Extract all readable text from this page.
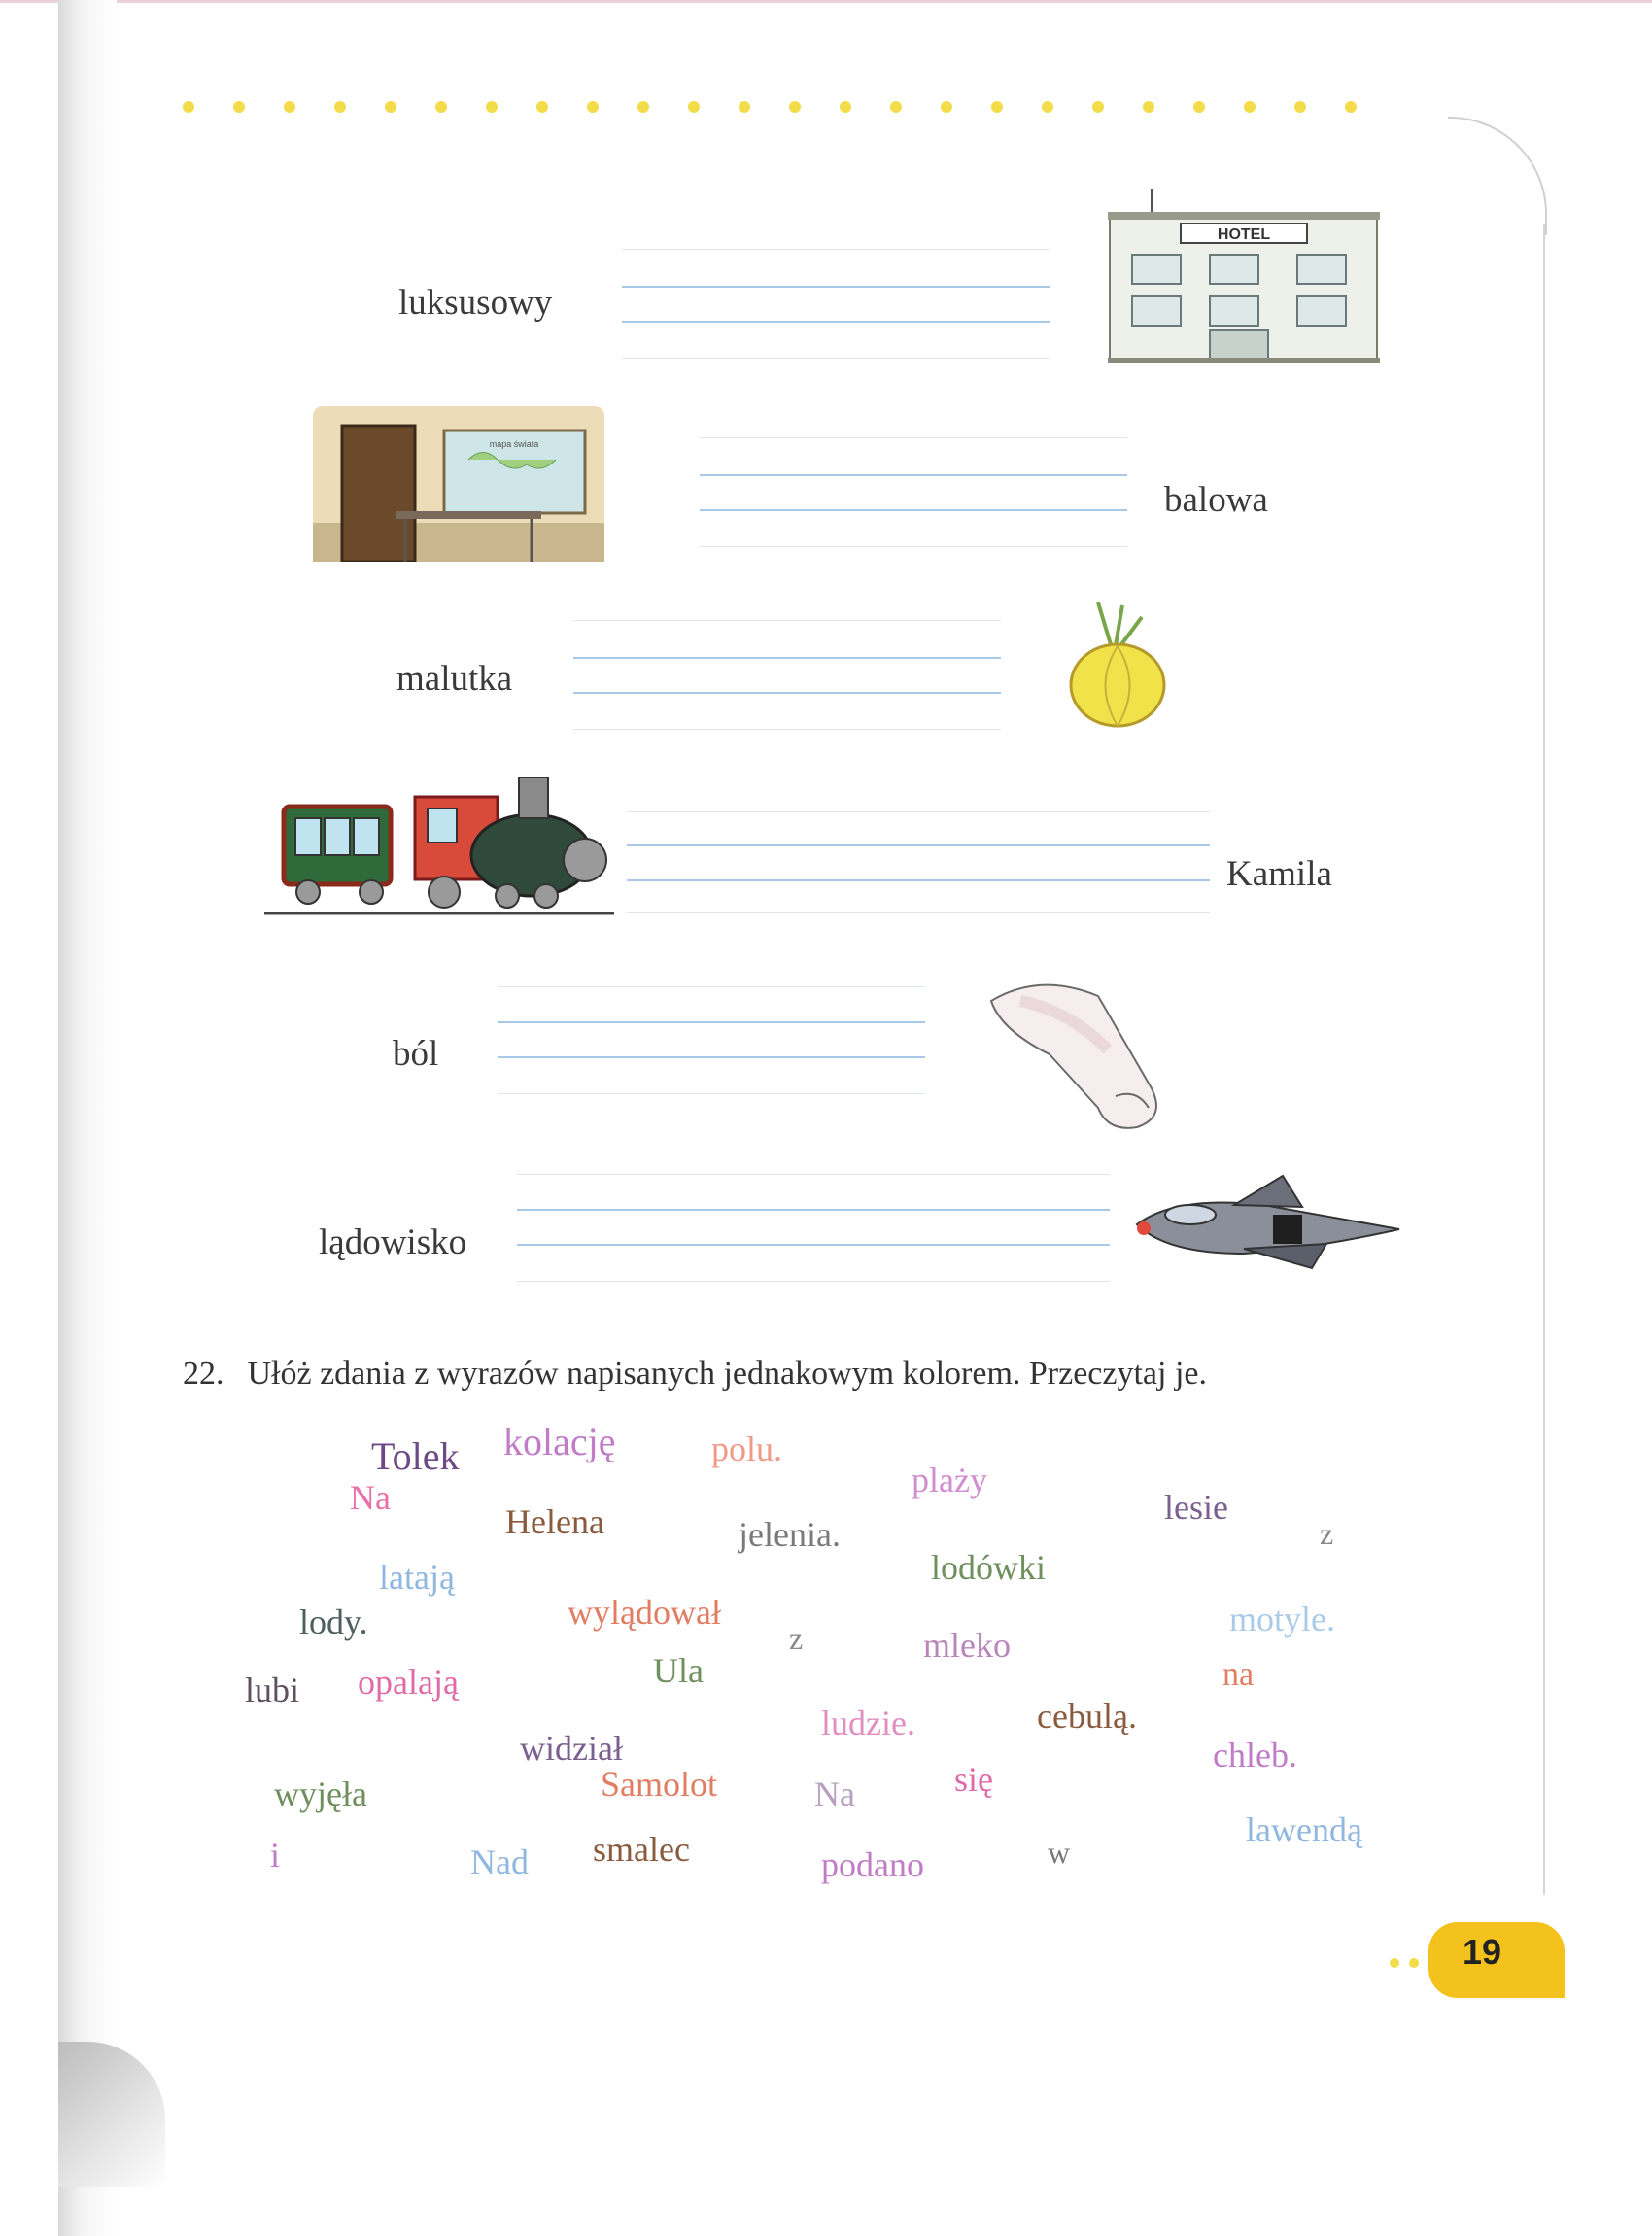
luksusowy
HOTEL
mapa świata
balowa
malutka
Kamila
ból
lądowisko
22. Ułóż zdania z wyrazów napisanych jednakowym kolorem. Przeczytaj je.
Tolek kolację	polu.
plaży
Na
Helena	jelenia.
lesie
z
latają	lodówki
lody.	wylądował
z	mleko
motyle.
Ula
lubi opalają	na
ludzie.	cebulą.
widział	chleb.
wyjęła	Samolot	Na	się
i	Nad smalec	podano	w
lawendą
19
